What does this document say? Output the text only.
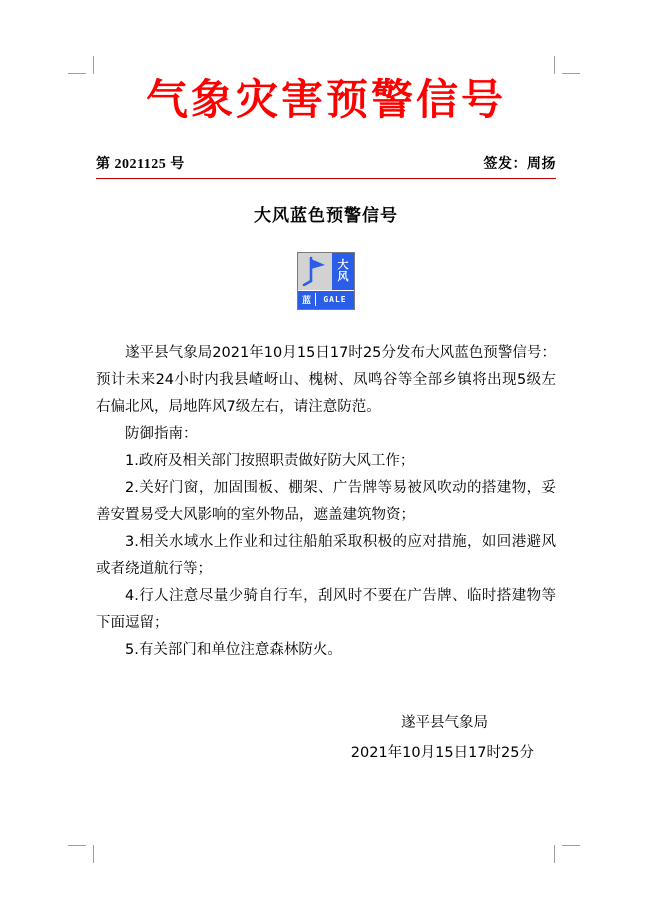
气象灾害预警信号
第 2021125 号	签发：周扬
大风蓝色预警信号
大
风
蓝	GALE

遂平县气象局2021年10月15日17时25分发布大风蓝色预警信号：预计未来24小时内我县嵖岈山、槐树、凤鸣谷等全部乡镇将出现5级左右偏北风，局地阵风7级左右，请注意防范。

防御指南：

1.政府及相关部门按照职责做好防大风工作；

2.关好门窗，加固围板、棚架、广告牌等易被风吹动的搭建物，妥善安置易受大风影响的室外物品，遮盖建筑物资；

3.相关水域水上作业和过往船舶采取积极的应对措施，如回港避风或者绕道航行等；

4.行人注意尽量少骑自行车，刮风时不要在广告牌、临时搭建物等下面逗留；

5.有关部门和单位注意森林防火。

遂平县气象局
2021年10月15日17时25分
